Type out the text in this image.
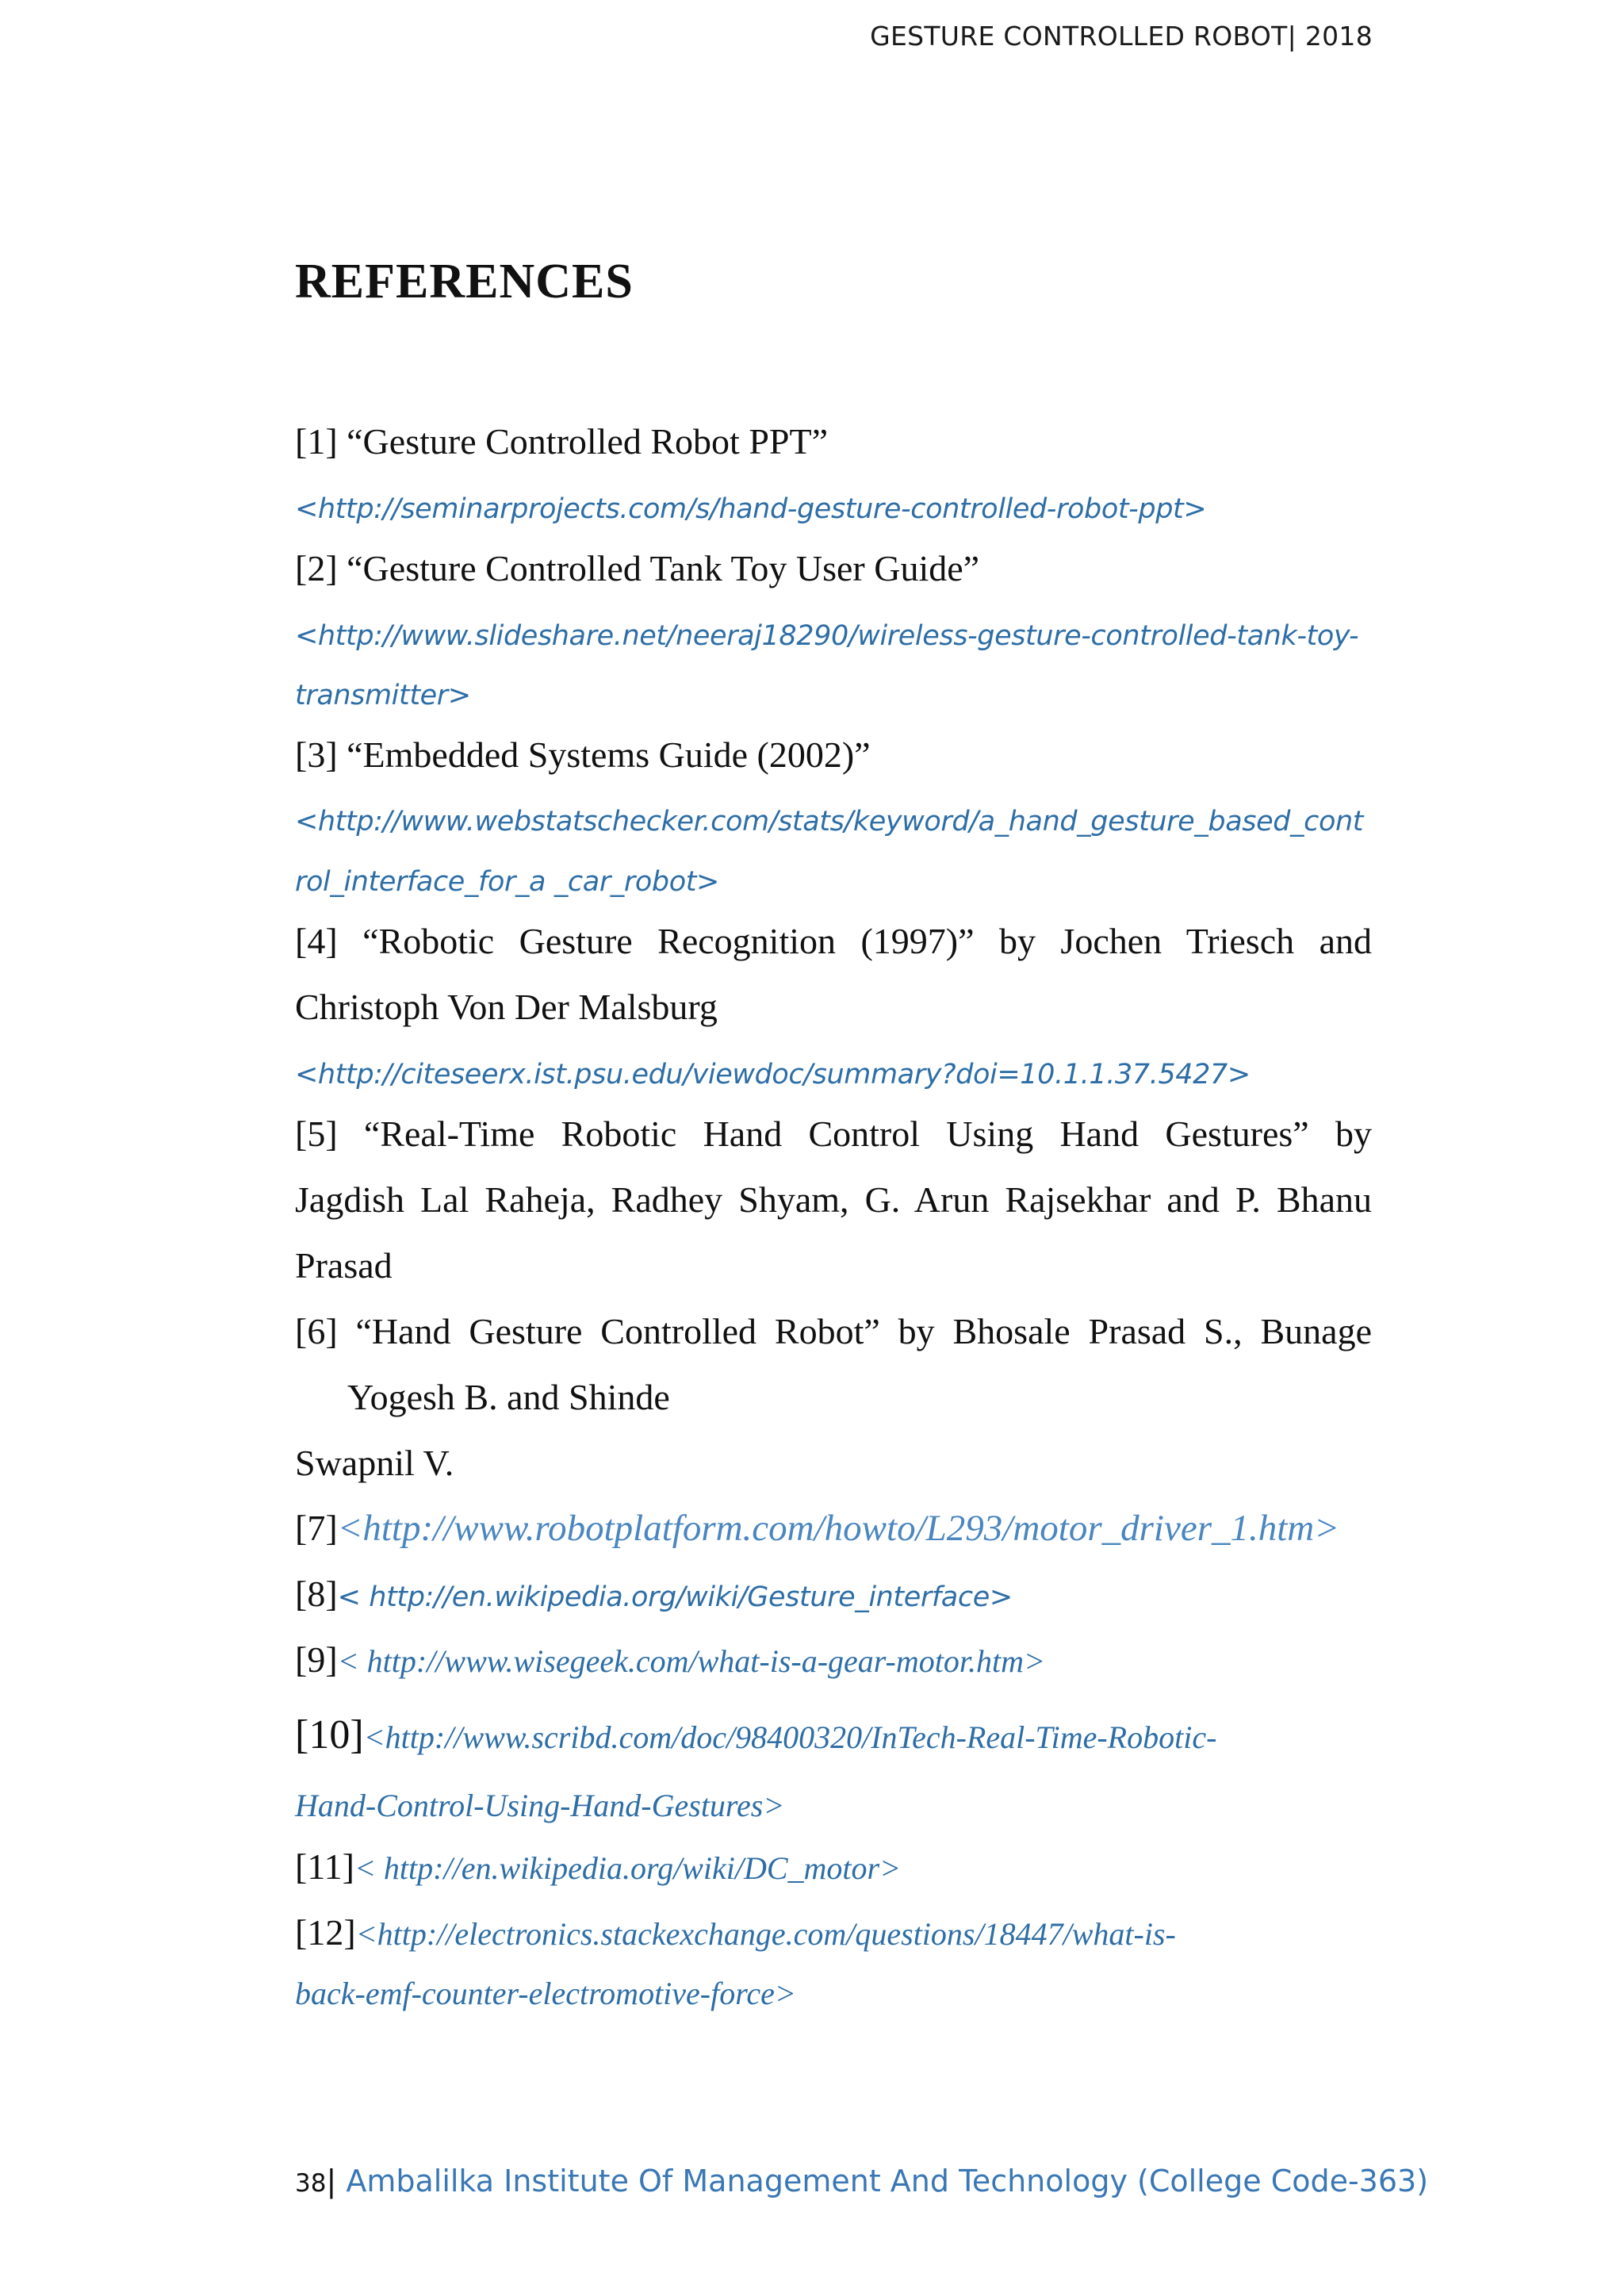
GESTURE CONTROLLED ROBOT| 2018
REFERENCES
[1] “Gesture Controlled Robot PPT”
<http://seminarprojects.com/s/hand-gesture-controlled-robot-ppt>
[2] “Gesture Controlled Tank Toy User Guide”
<http://www.slideshare.net/neeraj18290/wireless-gesture-controlled-tank-toy-
transmitter>
[3] “Embedded Systems Guide (2002)”
<http://www.webstatschecker.com/stats/keyword/a_hand_gesture_based_cont
rol_interface_for_a _car_robot>
[4] “Robotic Gesture Recognition (1997)” by Jochen Triesch and
Christoph Von Der Malsburg
<http://citeseerx.ist.psu.edu/viewdoc/summary?doi=10.1.1.37.5427>
[5] “Real-Time Robotic Hand Control Using Hand Gestures” by
Jagdish Lal Raheja, Radhey Shyam, G. Arun Rajsekhar and P. Bhanu
Prasad
[6] “Hand Gesture Controlled Robot” by Bhosale Prasad S., Bunage
Yogesh B. and Shinde
Swapnil V.
[7]<http://www.robotplatform.com/howto/L293/motor_driver_1.htm>
[8]< http://en.wikipedia.org/wiki/Gesture_interface>
[9]< http://www.wisegeek.com/what-is-a-gear-motor.htm>
[10]<http://www.scribd.com/doc/98400320/InTech-Real-Time-Robotic-
Hand-Control-Using-Hand-Gestures>
[11]< http://en.wikipedia.org/wiki/DC_motor>
[12]<http://electronics.stackexchange.com/questions/18447/what-is-
back-emf-counter-electromotive-force>
38| Ambalilka Institute Of Management And Technology (College Code-363)
